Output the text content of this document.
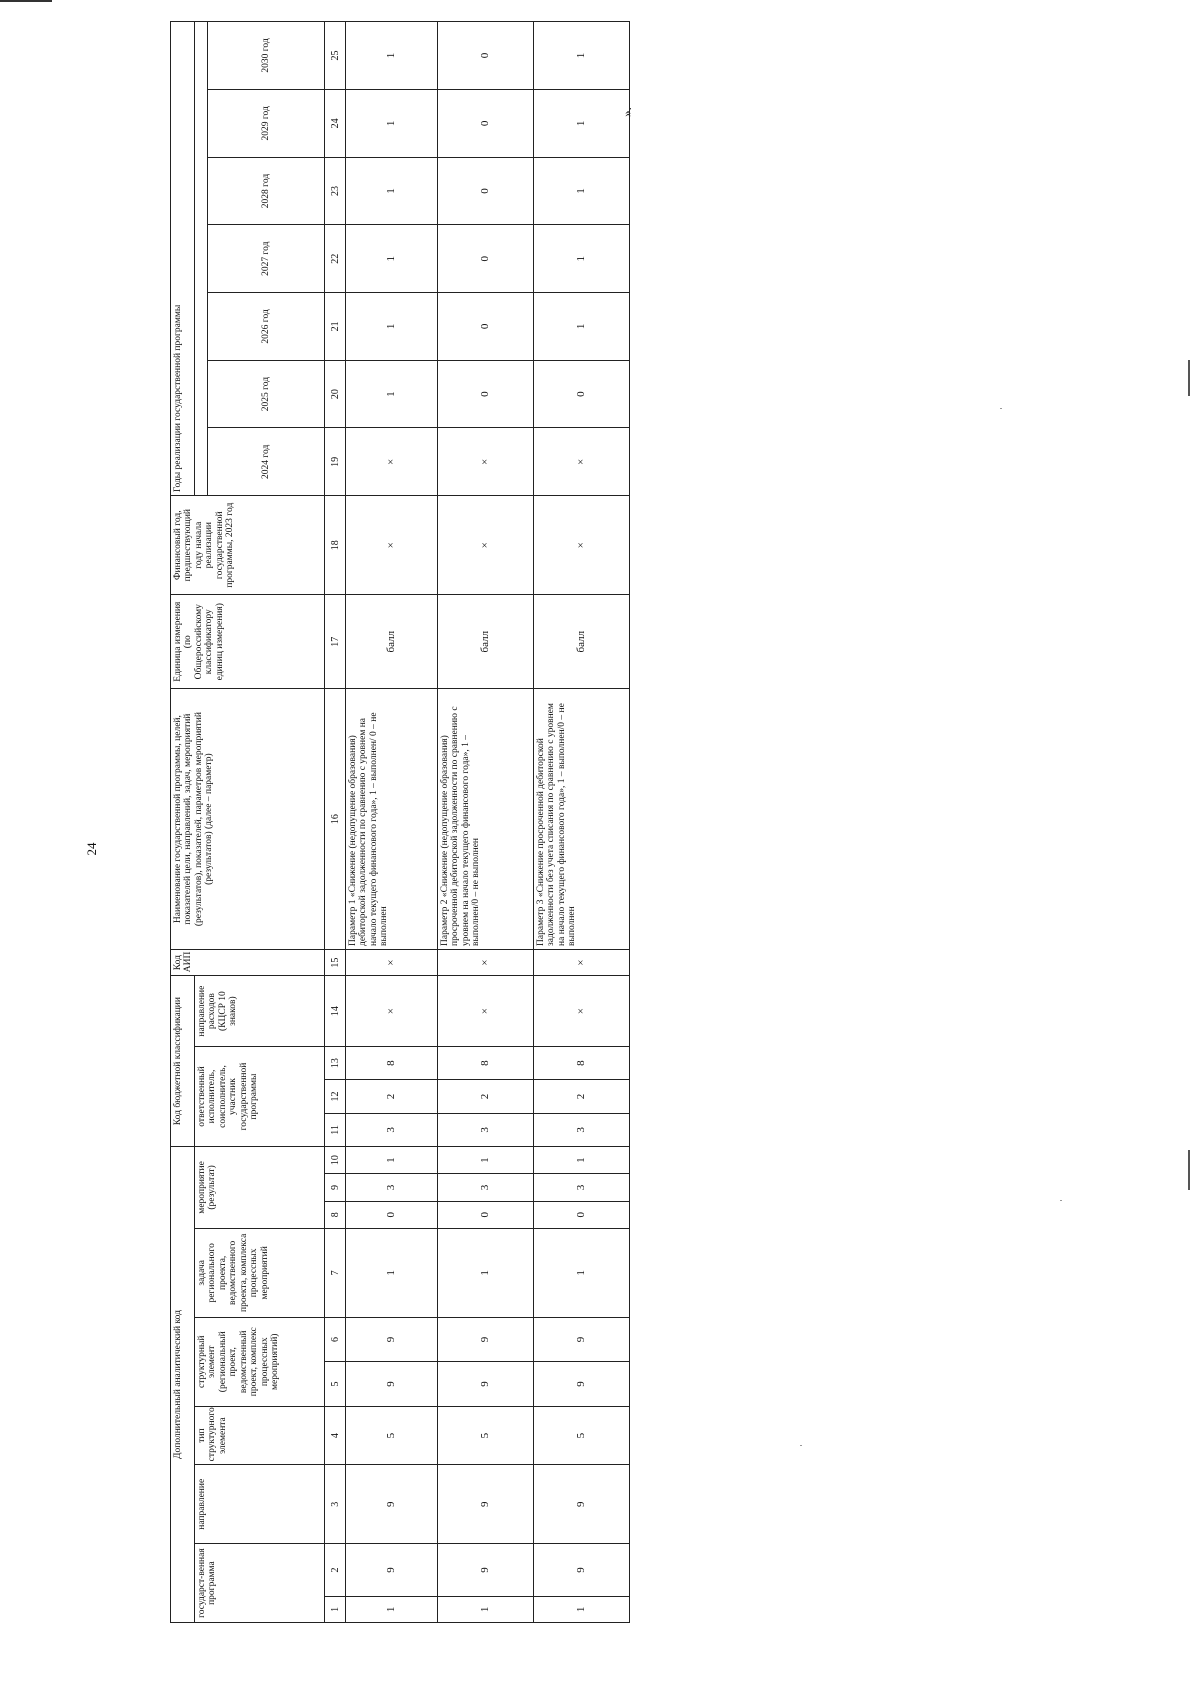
24
».
Дополнительный аналитический код										Код бюджетной классификации				Код АИП	Наименование государственной программы, целей, показателей цели, направлений, задач, мероприятий (результатов), показателей, параметров мероприятий (результатов) (далее – параметр)	Единица измерения (по Общероссийскому классификатору единиц измерения)	Финансовый год, предшествующий году начала реализации государственной программы, 2023 год	Годы реализации государственной программы						
государст-венная программа		направление	тип структурного элемента	структурный элемент (региональный проект, ведомственный проект, комплекс процессных мероприятий)		задача регионального проекта, ведомственного проекта, комплекса процессных мероприятий	мероприятие (результат)			ответственный исполнитель, соисполнитель, участник государственной программы			направление расходов (КЦСР 10 знаков)											
																		2024 год	2025 год	2026 год	2027 год	2028 год	2029 год	2030 год
1	2	3	4	5	6	7	8	9	10	11	12	13	14	15	16	17	18	19	20	21	22	23	24	25
1	9	9	5	9	9	1	0	3	1	3	2	8	×	×	Параметр 1 «Снижение (недопущение образования) дебиторской задолженности по сравнению с уровнем на начало текущего финансового года», 1 – выполнен/ 0 – не выполнен	балл	×	×	1	1	1	1	1	1
1	9	9	5	9	9	1	0	3	1	3	2	8	×	×	Параметр 2 «Снижение (недопущение образования) просроченной дебиторской задолженности по сравнению с уровнем на начало текущего финансового года», 1 – выполнен/0 – не выполнен	балл	×	×	0	0	0	0	0	0
1	9	9	5	9	9	1	0	3	1	3	2	8	×	×	Параметр 3 «Снижение просроченной дебиторской задолженности без учета списания по сравнению с уровнем на начало текущего финансового года», 1 – выполнен/0 – не выполнен	балл	×	×	0	1	1	1	1	1
